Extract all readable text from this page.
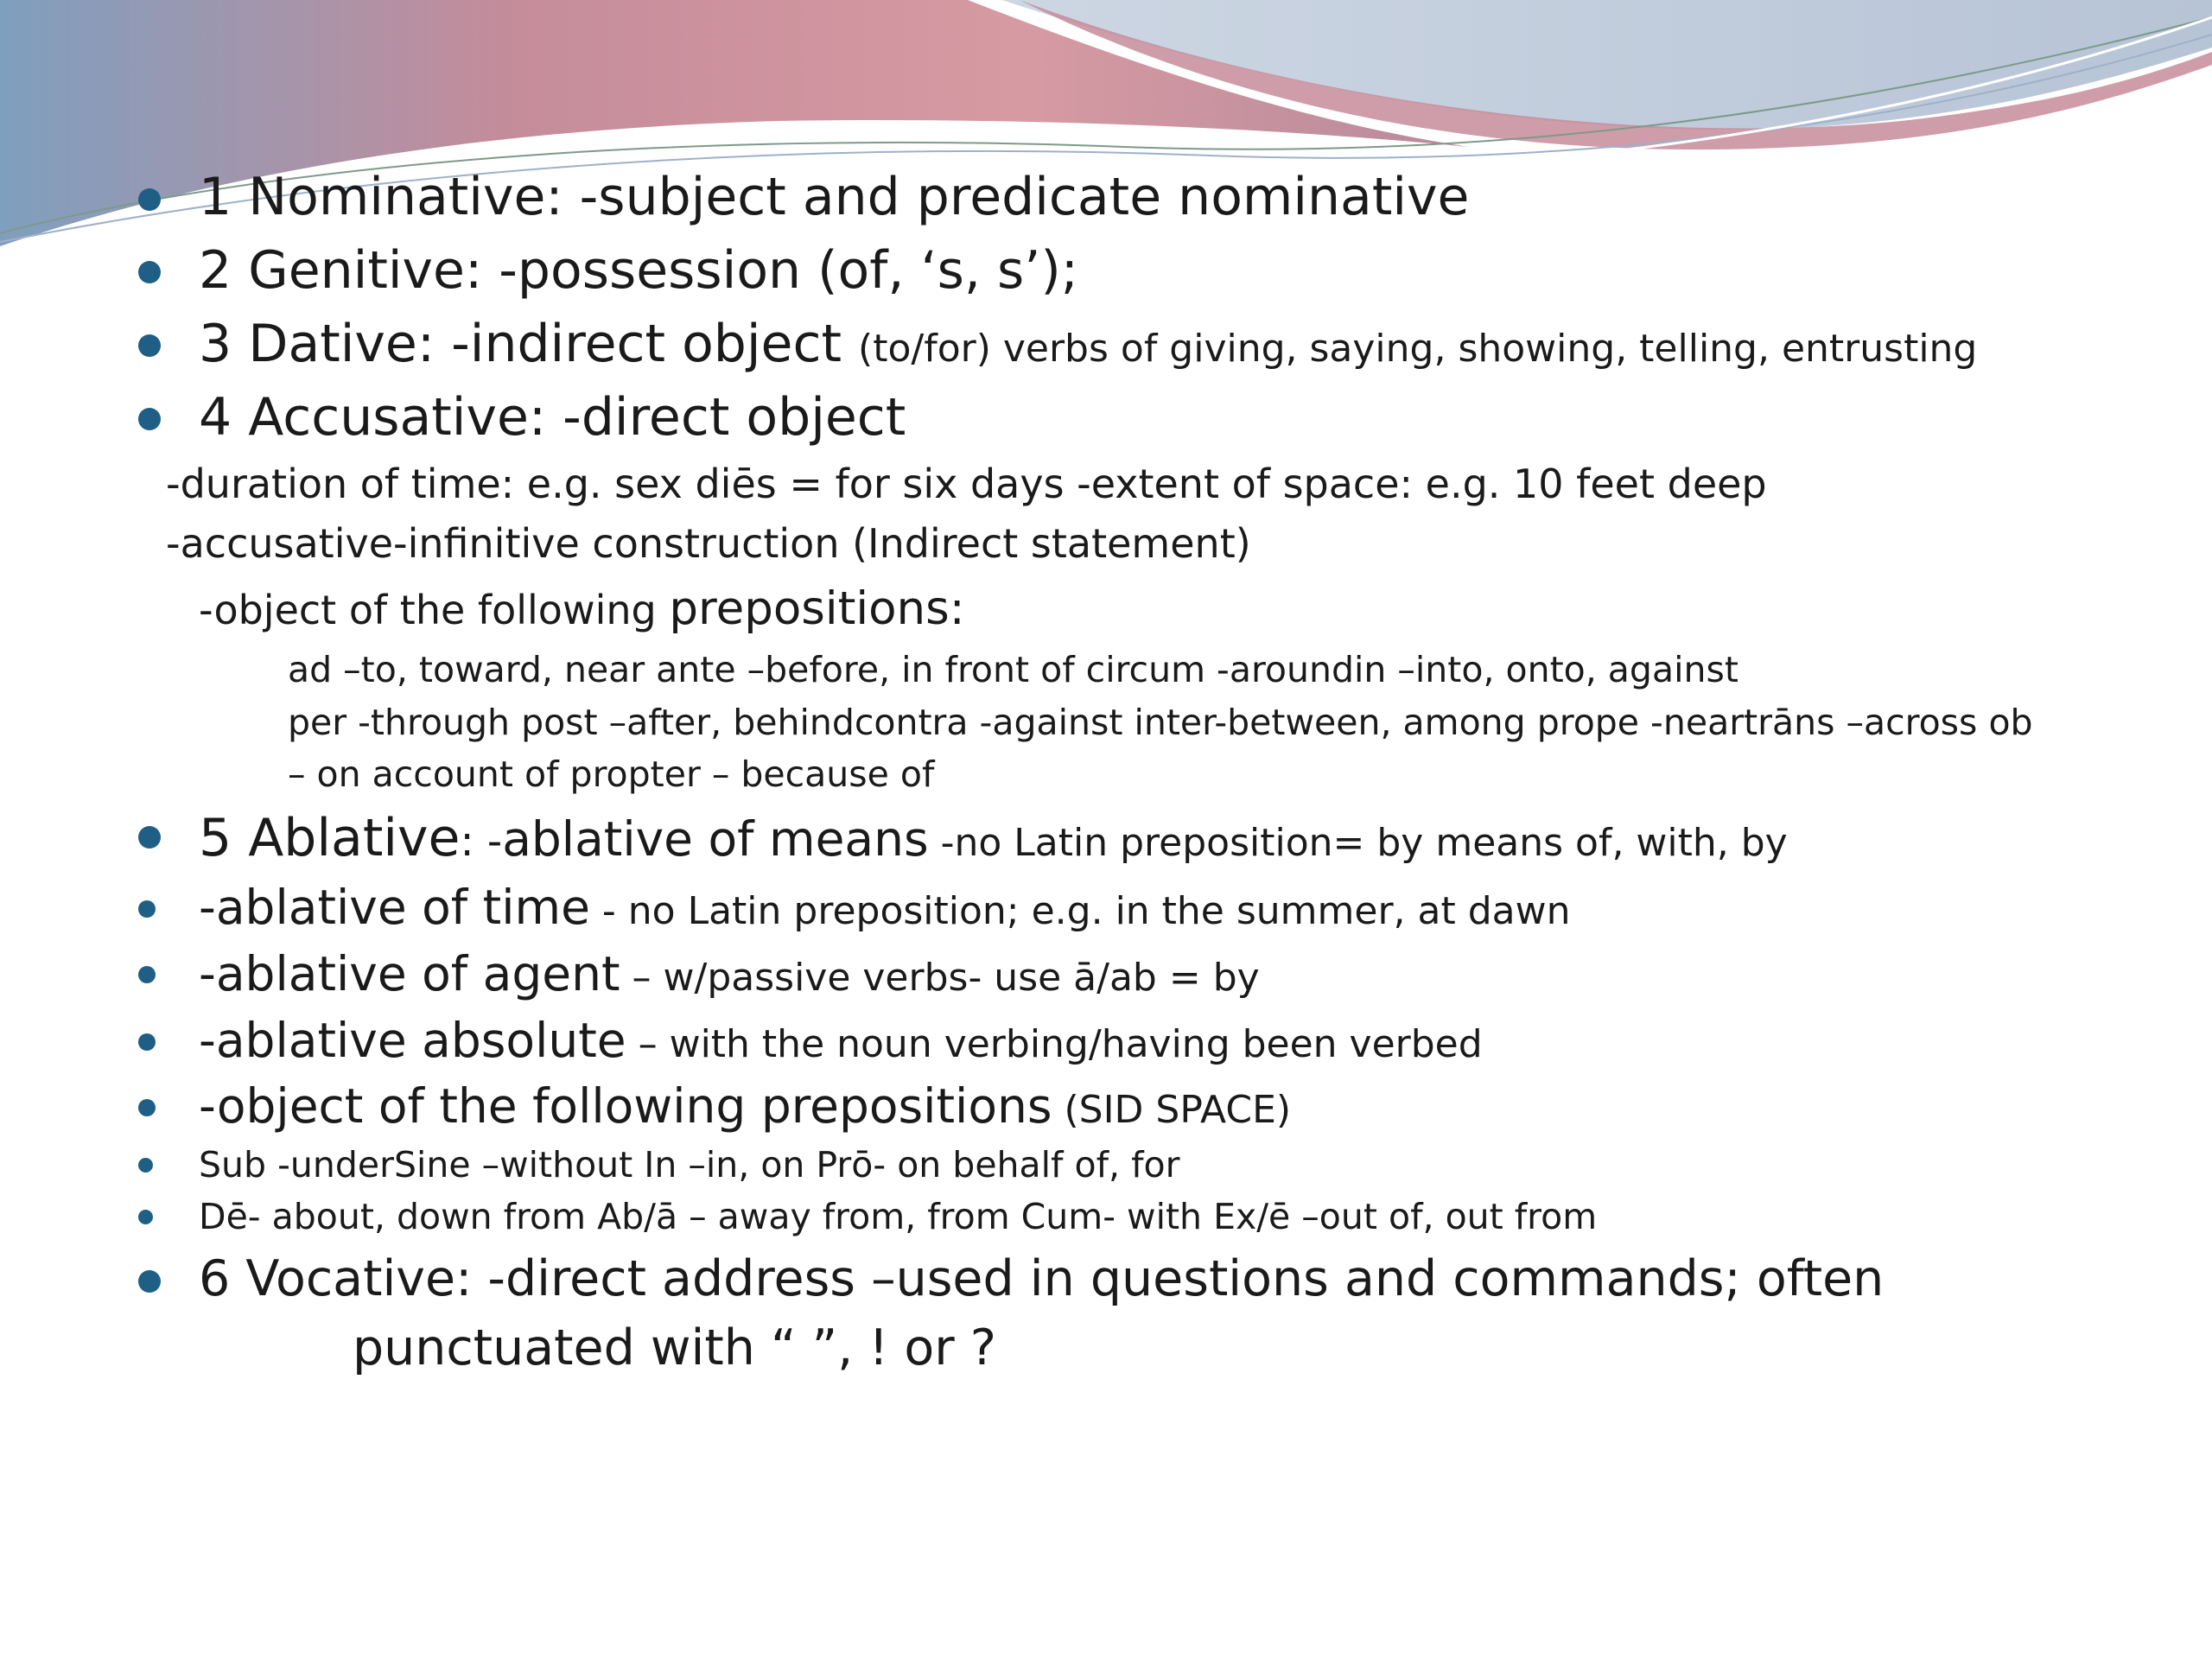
1 Nominative: -subject and predicate nominative
2 Genitive: -possession (of, ‘s, s’);
3 Dative: -indirect object (to/for) verbs of giving, saying, showing, telling, entrusting
4 Accusative: -direct object
-duration of time: e.g. sex diēs = for six days -extent of space: e.g. 10 feet deep
-accusative-infinitive construction (Indirect statement)
-object of the following prepositions:
ad –to, toward, near ante –before, in front of circum -aroundin –into, onto, against
per -through post –after, behindcontra -against inter-between, among prope -neartrāns –across ob
– on account of propter – because of
5 Ablative: -ablative of means -no Latin preposition= by means of, with, by
-ablative of time - no Latin preposition; e.g. in the summer, at dawn
-ablative of agent – w/passive verbs- use ā/ab = by
-ablative absolute – with the noun verbing/having been verbed
-object of the following prepositions (SID SPACE)
Sub -underSine –without In –in, on Prō- on behalf of, for
Dē- about, down from Ab/ā – away from, from Cum- with Ex/ē –out of, out from
6 Vocative: -direct address –used in questions and commands; often
punctuated with “ ”, ! or ?
